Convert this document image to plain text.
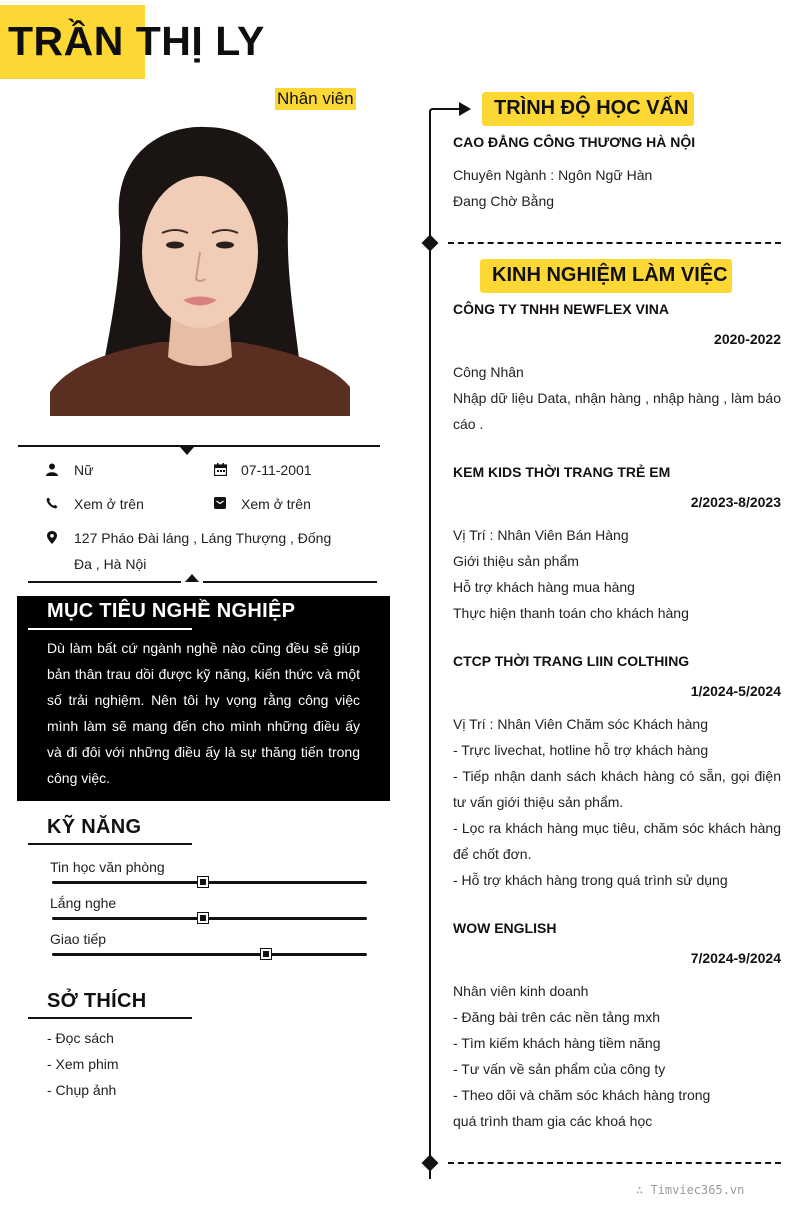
TRẦN THỊ LY
Nhân viên
Nữ	07-11-2001
Xem ở trên	Xem ở trên
127 Pháo Đài láng , Láng Thượng , Đống Đa , Hà Nội
MỤC TIÊU NGHỀ NGHIỆP
Dù làm bất cứ ngành nghề nào cũng đều sẽ giúp bản thân trau dồi được kỹ năng, kiến thức và một số trải nghiệm. Nên tôi hy vọng rằng công việc mình làm sẽ mang đến cho mình những điều ấy và đi đôi với những điều ấy là sự thăng tiến trong công việc.
KỸ NĂNG
Tin học văn phòng
Lắng nghe
Giao tiếp
SỞ THÍCH
- Đọc sách
- Xem phim
- Chụp ảnh
TRÌNH ĐỘ HỌC VẤN
CAO ĐẲNG CÔNG THƯƠNG HÀ NỘI
Chuyên Ngành : Ngôn Ngữ Hàn
Đang Chờ Bằng
KINH NGHIỆM LÀM VIỆC
CÔNG TY TNHH NEWFLEX VINA
2020-2022
Công Nhân
Nhập dữ liệu Data, nhận hàng , nhập hàng , làm báo cáo .
KEM KIDS THỜI TRANG TRẺ EM
2/2023-8/2023
Vị Trí : Nhân Viên Bán Hàng
Giới thiệu sản phẩm
Hỗ trợ khách hàng mua hàng
Thực hiện thanh toán cho khách hàng
CTCP THỜI TRANG LIIN COLTHING
1/2024-5/2024
Vị Trí : Nhân Viên Chăm sóc Khách hàng
- Trực livechat, hotline hỗ trợ khách hàng
- Tiếp nhận danh sách khách hàng có sẵn, gọi điện tư vấn giới thiệu sản phẩm.
- Lọc ra khách hàng mục tiêu, chăm sóc khách hàng để chốt đơn.
- Hỗ trợ khách hàng trong quá trình sử dụng
WOW ENGLISH
7/2024-9/2024
Nhân viên kinh doanh
- Đăng bài trên các nền tảng mxh
- Tìm kiếm khách hàng tiềm năng
- Tư vấn về sản phẩm của công ty
- Theo dõi và chăm sóc khách hàng trong quá trình tham gia các khoá học
∴ Timviec365.vn
